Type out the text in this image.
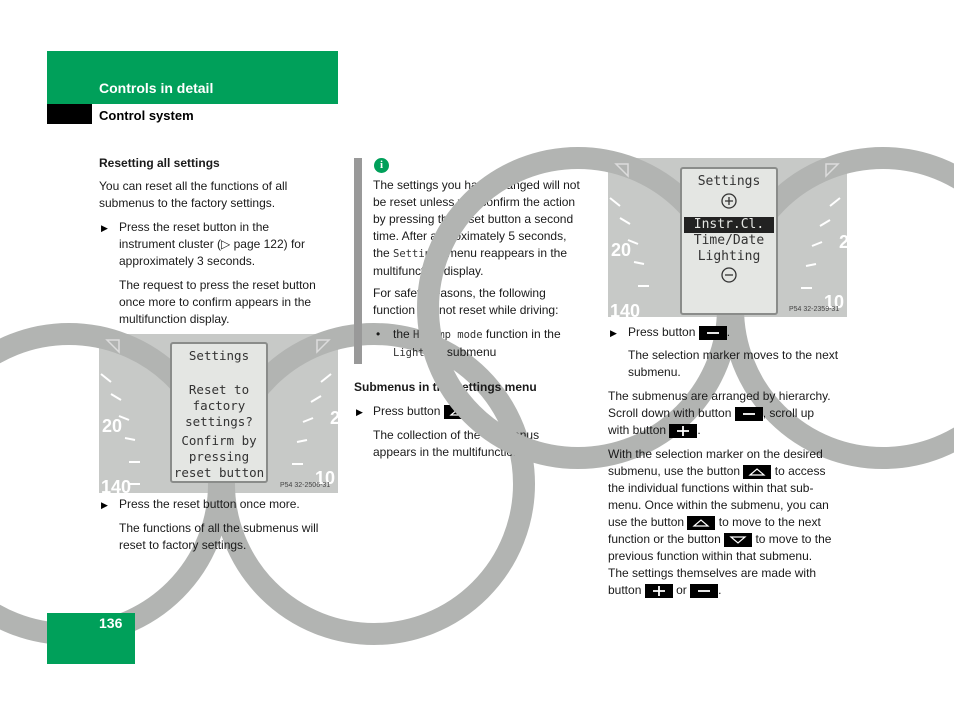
Controls in detail
Control system
Resetting all settings
You can reset all the functions of all
submenus to the factory settings.
▶ Press the reset button in the
instrument cluster (▷ page 122) for
approximately 3 seconds.
The request to press the reset button
once more to confirm appears in the
multifunction display.
20	2
140	10
Settings
Reset to
factory
settings?
Confirm by
pressing
reset button
P54 32-2506-31
▶ Press the reset button once more.
The functions of all the submenus will
reset to factory settings.
i
The settings you have changed will not
be reset unless you confirm the action
by pressing the reset button a second
time. After approximately 5 seconds,
the Settings menu reappears in the
multifunction display.
For safety reasons, the following
function are not reset while driving:
• the Hdlamp mode function in the
Lighting submenu
Submenus in the Settings menu
▶ Press button	.
The collection of the submenus
appears in the multifunction display.
20	2
140	10
Settings
Instr.Cl.
Time/Date
Lighting
P54 32-2359-31
▶ Press button	.
The selection marker moves to the next
submenu.
The submenus are arranged by hierarchy.
Scroll down with button	, scroll up
with button	.
With the selection marker on the desired
submenu, use the button	to access
the individual functions within that sub-
menu. Once within the submenu, you can
use the button	to move to the next
function or the button	to move to the
previous function within that submenu.
The settings themselves are made with
button	or	.
136
